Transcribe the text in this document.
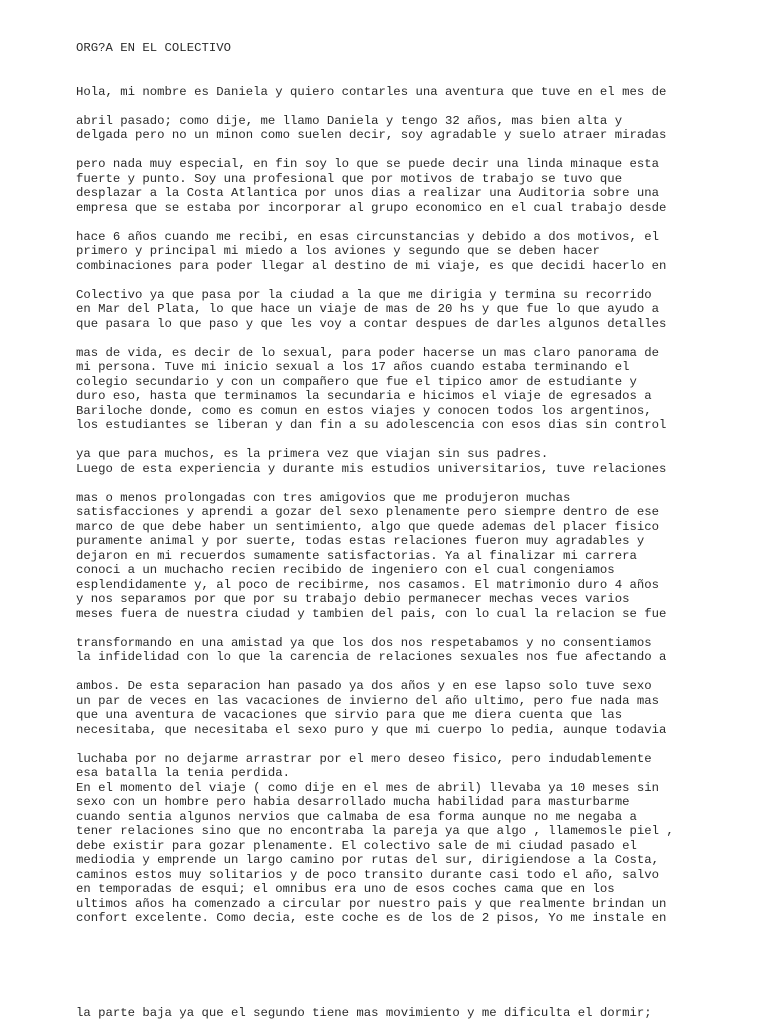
ORG?A EN EL COLECTIVO

Hola, mi nombre es Daniela y quiero contarles una aventura que tuve en el mes de
abril pasado; como dije, me llamo Daniela y tengo 32 años, mas bien alta y
delgada pero no un minon como suelen decir, soy agradable y suelo atraer miradas
pero nada muy especial, en fin soy lo que se puede decir una linda minaque esta
fuerte y punto. Soy una profesional que por motivos de trabajo se tuvo que
desplazar a la Costa Atlantica por unos dias a realizar una Auditoria sobre una
empresa que se estaba por incorporar al grupo economico en el cual trabajo desde
hace 6 años cuando me recibi, en esas circunstancias y debido a dos motivos, el
primero y principal mi miedo a los aviones y segundo que se deben hacer
combinaciones para poder llegar al destino de mi viaje, es que decidi hacerlo en
Colectivo ya que pasa por la ciudad a la que me dirigia y termina su recorrido
en Mar del Plata, lo que hace un viaje de mas de 20 hs y que fue lo que ayudo a
que pasara lo que paso y que les voy a contar despues de darles algunos detalles
mas de vida, es decir de lo sexual, para poder hacerse un mas claro panorama de
mi persona. Tuve mi inicio sexual a los 17 años cuando estaba terminando el
colegio secundario y con un compañero que fue el tipico amor de estudiante y
duro eso, hasta que terminamos la secundaria e hicimos el viaje de egresados a
Bariloche donde, como es comun en estos viajes y conocen todos los argentinos,
los estudiantes se liberan y dan fin a su adolescencia con esos dias sin control
ya que para muchos, es la primera vez que viajan sin sus padres.
Luego de esta experiencia y durante mis estudios universitarios, tuve relaciones
mas o menos prolongadas con tres amigovios que me produjeron muchas
satisfacciones y aprendi a gozar del sexo plenamente pero siempre dentro de ese
marco de que debe haber un sentimiento, algo que quede ademas del placer fisico
puramente animal y por suerte, todas estas relaciones fueron muy agradables y
dejaron en mi recuerdos sumamente satisfactorias. Ya al finalizar mi carrera
conoci a un muchacho recien recibido de ingeniero con el cual congeniamos
esplendidamente y, al poco de recibirme, nos casamos. El matrimonio duro 4 años
y nos separamos por que por su trabajo debio permanecer mechas veces varios
meses fuera de nuestra ciudad y tambien del pais, con lo cual la relacion se fue
transformando en una amistad ya que los dos nos respetabamos y no consentiamos
la infidelidad con lo que la carencia de relaciones sexuales nos fue afectando a
ambos. De esta separacion han pasado ya dos años y en ese lapso solo tuve sexo
un par de veces en las vacaciones de invierno del año ultimo, pero fue nada mas
que una aventura de vacaciones que sirvio para que me diera cuenta que las
necesitaba, que necesitaba el sexo puro y que mi cuerpo lo pedia, aunque todavia
luchaba por no dejarme arrastrar por el mero deseo fisico, pero indudablemente
esa batalla la tenia perdida.
En el momento del viaje ( como dije en el mes de abril) llevaba ya 10 meses sin
sexo con un hombre pero habia desarrollado mucha habilidad para masturbarme
cuando sentia algunos nervios que calmaba de esa forma aunque no me negaba a
tener relaciones sino que no encontraba la pareja ya que algo , llamemosle piel ,
debe existir para gozar plenamente. El colectivo sale de mi ciudad pasado el
mediodia y emprende un largo camino por rutas del sur, dirigiendose a la Costa,
caminos estos muy solitarios y de poco transito durante casi todo el año, salvo
en temporadas de esqui; el omnibus era uno de esos coches cama que en los
ultimos años ha comenzado a circular por nuestro pais y que realmente brindan un
confort excelente. Como decia, este coche es de los de 2 pisos, Yo me instale en

la parte baja ya que el segundo tiene mas movimiento y me dificulta el dormir;
